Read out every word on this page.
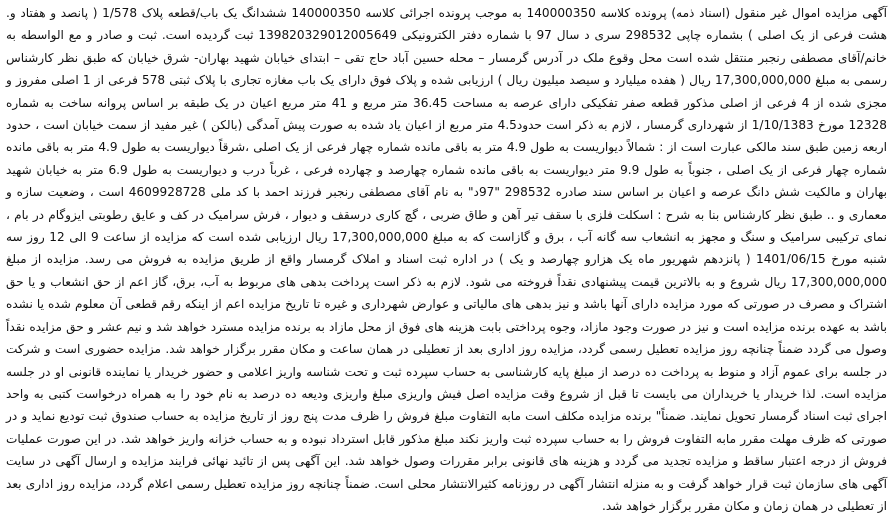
آگهی مزایده اموال غیر منقول (اسناد ذمه) پرونده کلاسه 140000350 به موجب پرونده اجرائی کلاسه 140000350 ششدانگ یک باب/قطعه پلاک 1/578 ( پانصد و هفتاد و. هشت فرعی از یک اصلی ) بشماره چاپی 298532 سری د سال 97 با شماره دفتر الکترونیکی 139820329012005649 ثبت گردیده است. ثبت و صادر و مع الواسطه به خانم/آقای مصطفی رنجبر منتقل شده است محل وقوع ملک در آدرس گرمسار – محله حسین آباد حاج تقی – ابتدای خیابان شهید بهاران- شرق خیابان که طبق نظر کارشناس رسمی به مبلغ 17,300,000,000 ریال ( هفده میلیارد و سیصد میلیون ریال ) ارزیابی شده و پلاک فوق دارای یک باب مغازه تجاری با پلاک ثبتی 578 فرعی از 1 اصلی مفروز و مجزی شده از 4 فرعی از اصلی مذکور قطعه صفر تفکیکی دارای عرصه به مساحت 36.45 متر مربع و 41 متر مربع اعیان در یک طبقه بر اساس پروانه ساخت به شماره 12328 مورخ 1/10/1383 از شهرداری گرمسار ، لازم به ذکر است حدود4.5 متر مربع از اعیان یاد شده به صورت پیش آمدگی (بالکن ) غیر مفید از سمت خیابان است ، حدود اربعه زمین طبق سند مالکی عبارت است از : شمالاً دیواریست به طول 4.9 متر به باقی مانده شماره چهار فرعی از یک اصلی ،شرقاً دیواریست به طول 4.9 متر به باقی مانده شماره چهار فرعی از یک اصلی ، جنوباً به طول 9.9 متر دیواریست به باقی مانده شماره چهارصد و چهارده فرعی ، غرباً درب و دیواریست به طول 6.9 متر به خیابان شهید بهاران و مالکیت شش دانگ عرصه و اعیان بر اساس سند صادره 298532 "97د" به نام آقای مصطفی رنجبر فرزند احمد با کد ملی 4609928728 است ، وضعیت سازه و معماری و .. طبق نظر کارشناس بنا به شرح : اسکلت فلزی با سقف تیر آهن و طاق ضربی ، گچ کاری درسقف و دیوار ، فرش سرامیک در کف و عایق رطوبتی ایزوگام در بام ، نمای ترکیبی سرامیک و سنگ و مجهز به انشعاب سه گانه آب ، برق و گازاست که به مبلغ 17,300,000,000 ریال ارزیابی شده است که مزایده از ساعت 9 الی 12 روز سه شنبه مورخ 1401/06/15 ( پانزدهم شهریور ماه یک هزارو چهارصد و یک ) در اداره ثبت اسناد و املاک گرمسار واقع از طریق مزایده به فروش می رسد. مزایده از مبلغ 17,300,000,000 ریال شروع و به بالاترین قیمت پیشنهادی نقداً فروخته می شود. لازم به ذکر است پرداخت بدهی های مربوط به آب، برق، گاز اعم از حق انشعاب و یا حق اشتراک و مصرف در صورتی که مورد مزایده دارای آنها باشد و نیز بدهی های مالیاتی و عوارض شهرداری و غیره تا تاریخ مزایده اعم از اینکه رقم قطعی آن معلوم شده یا نشده باشد به عهده برنده مزایده است و نیز در صورت وجود مازاد، وجوه پرداختی بابت هزینه های فوق از محل مازاد به برنده مزایده مسترد خواهد شد و نیم عشر و حق مزایده نقداً وصول می گردد ضمناً چنانچه روز مزایده تعطیل رسمی گردد، مزایده روز اداری بعد از تعطیلی در همان ساعت و مکان مقرر برگزار خواهد شد. مزایده حضوری است و شرکت در جلسه برای عموم آزاد و منوط به پرداخت ده درصد از مبلغ پایه کارشناسی به حساب سپرده ثبت و تحت شناسه واریز اعلامی و حضور خریدار یا نماینده قانونی او در جلسه مزایده است. لذا خریدار یا خریداران می بایست تا قبل از شروع وقت مزایده اصل فیش واریزی مبلغ واریزی ودیعه ده درصد به نام خود را به همراه درخواست کتبی به واحد اجرای ثبت اسناد گرمسار تحویل نمایند. ضمناً" برنده مزایده مکلف است مابه التفاوت مبلغ فروش را ظرف مدت پنج روز از تاریخ مزایده به حساب صندوق ثبت تودیع نماید و در صورتی که ظرف مهلت مقرر مابه التفاوت فروش را به حساب سپرده ثبت واریز نکند مبلغ مذکور قابل استرداد نبوده و به حساب خزانه واریز خواهد شد. در این صورت عملیات فروش از درجه اعتبار ساقط و مزایده تجدید می گردد و هزینه های قانونی برابر مقررات وصول خواهد شد. این آگهی پس از تائید نهائی فرایند مزایده و ارسال آگهی در سایت آگهی های سازمان ثبت قرار خواهد گرفت و به منزله انتشار آگهی در روزنامه کثیرالانتشار محلی است. ضمناً چنانچه روز مزایده تعطیل رسمی اعلام گردد، مزایده روز اداری بعد از تعطیلی در همان زمان و مکان مقرر برگزار خواهد شد.
